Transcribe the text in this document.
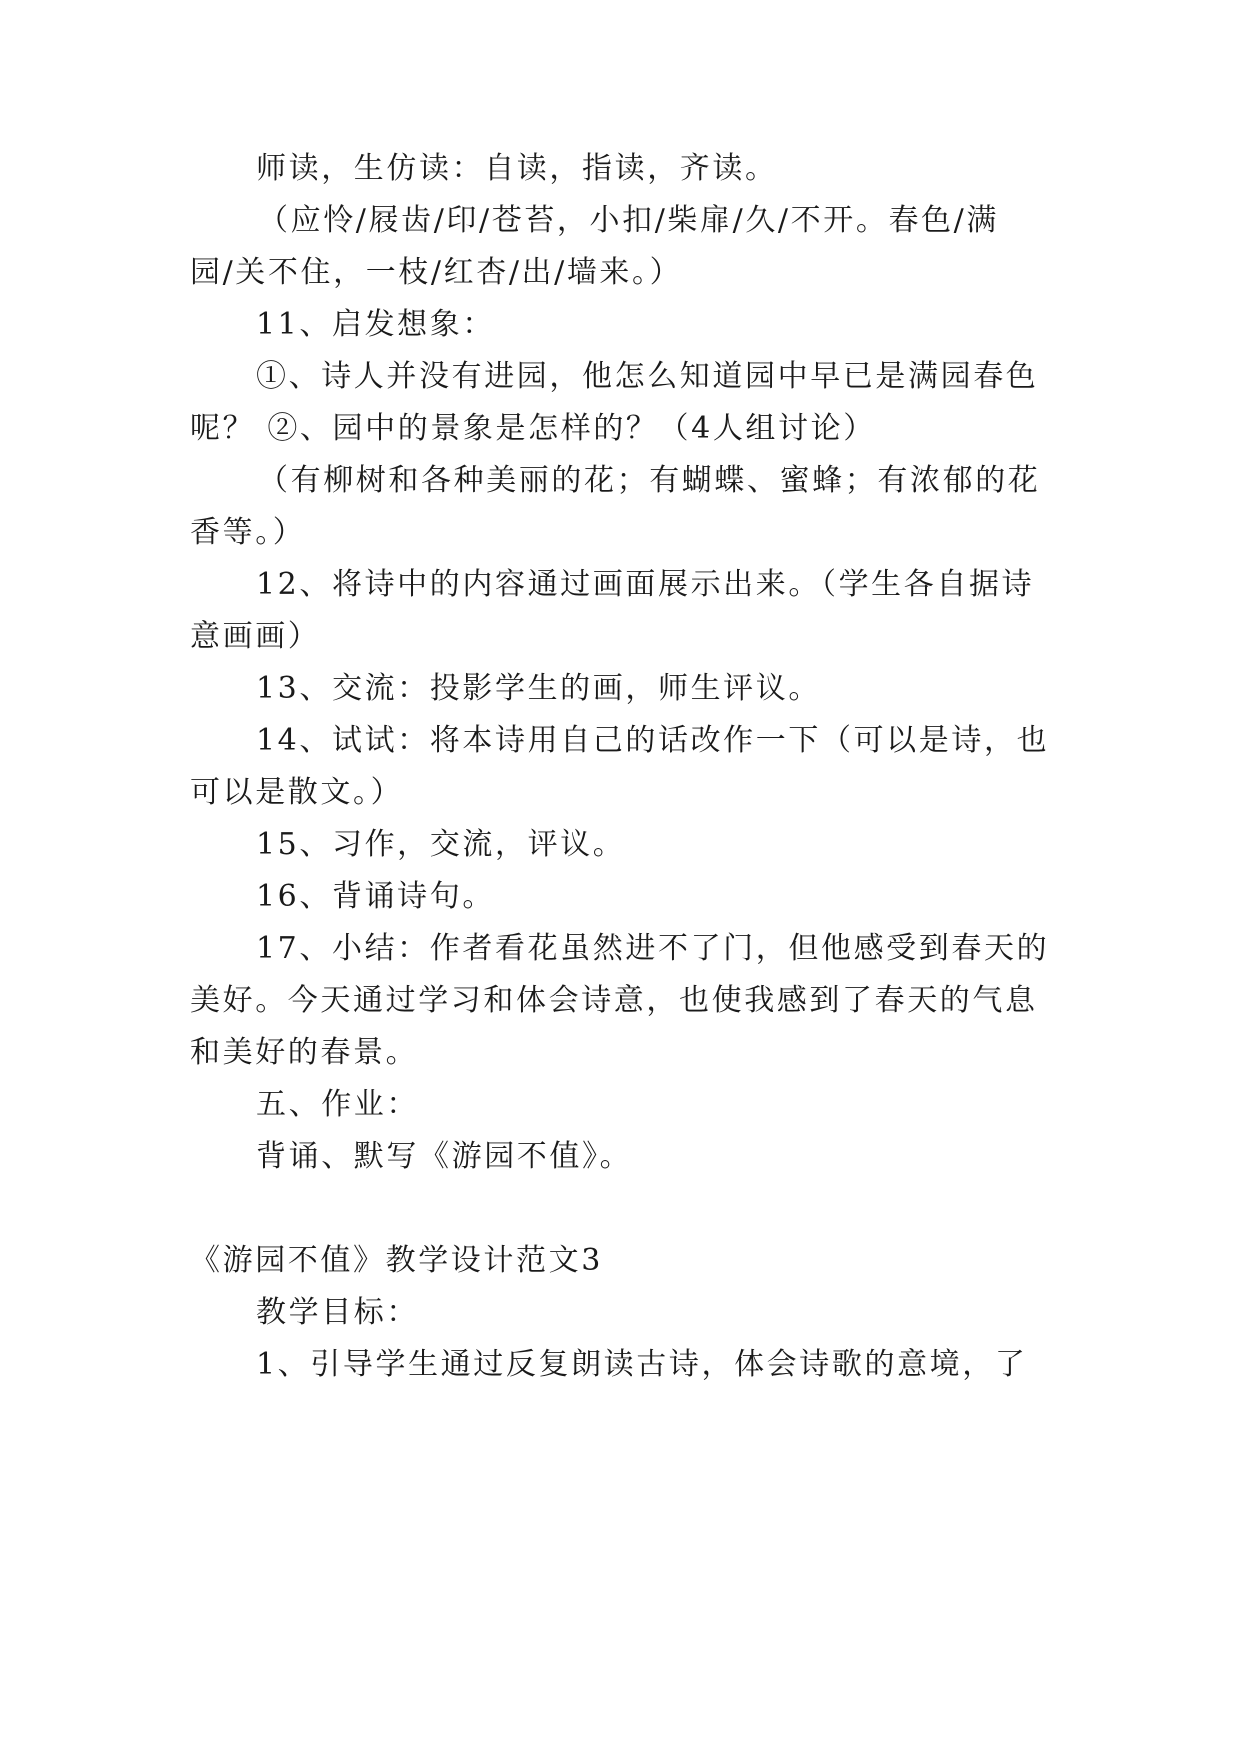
师读，生仿读：自读，指读，齐读。
（应怜/屐齿/印/苍苔，小扣/柴扉/久/不开。春色/满
园/关不住，一枝/红杏/出/墙来。）
11、启发想象：
①、诗人并没有进园，他怎么知道园中早已是满园春色
呢？ ②、园中的景象是怎样的？（4人组讨论）
（有柳树和各种美丽的花；有蝴蝶、蜜蜂；有浓郁的花
香等。）
12、将诗中的内容通过画面展示出来。（学生各自据诗
意画画）
13、交流：投影学生的画，师生评议。
14、试试：将本诗用自己的话改作一下（可以是诗，也
可以是散文。）
15、习作，交流，评议。
16、背诵诗句。
17、小结：作者看花虽然进不了门，但他感受到春天的
美好。今天通过学习和体会诗意，也使我感到了春天的气息
和美好的春景。
五、作业：
背诵、默写《游园不值》。
《游园不值》教学设计范文3
教学目标：
1、引导学生通过反复朗读古诗，体会诗歌的意境，了
